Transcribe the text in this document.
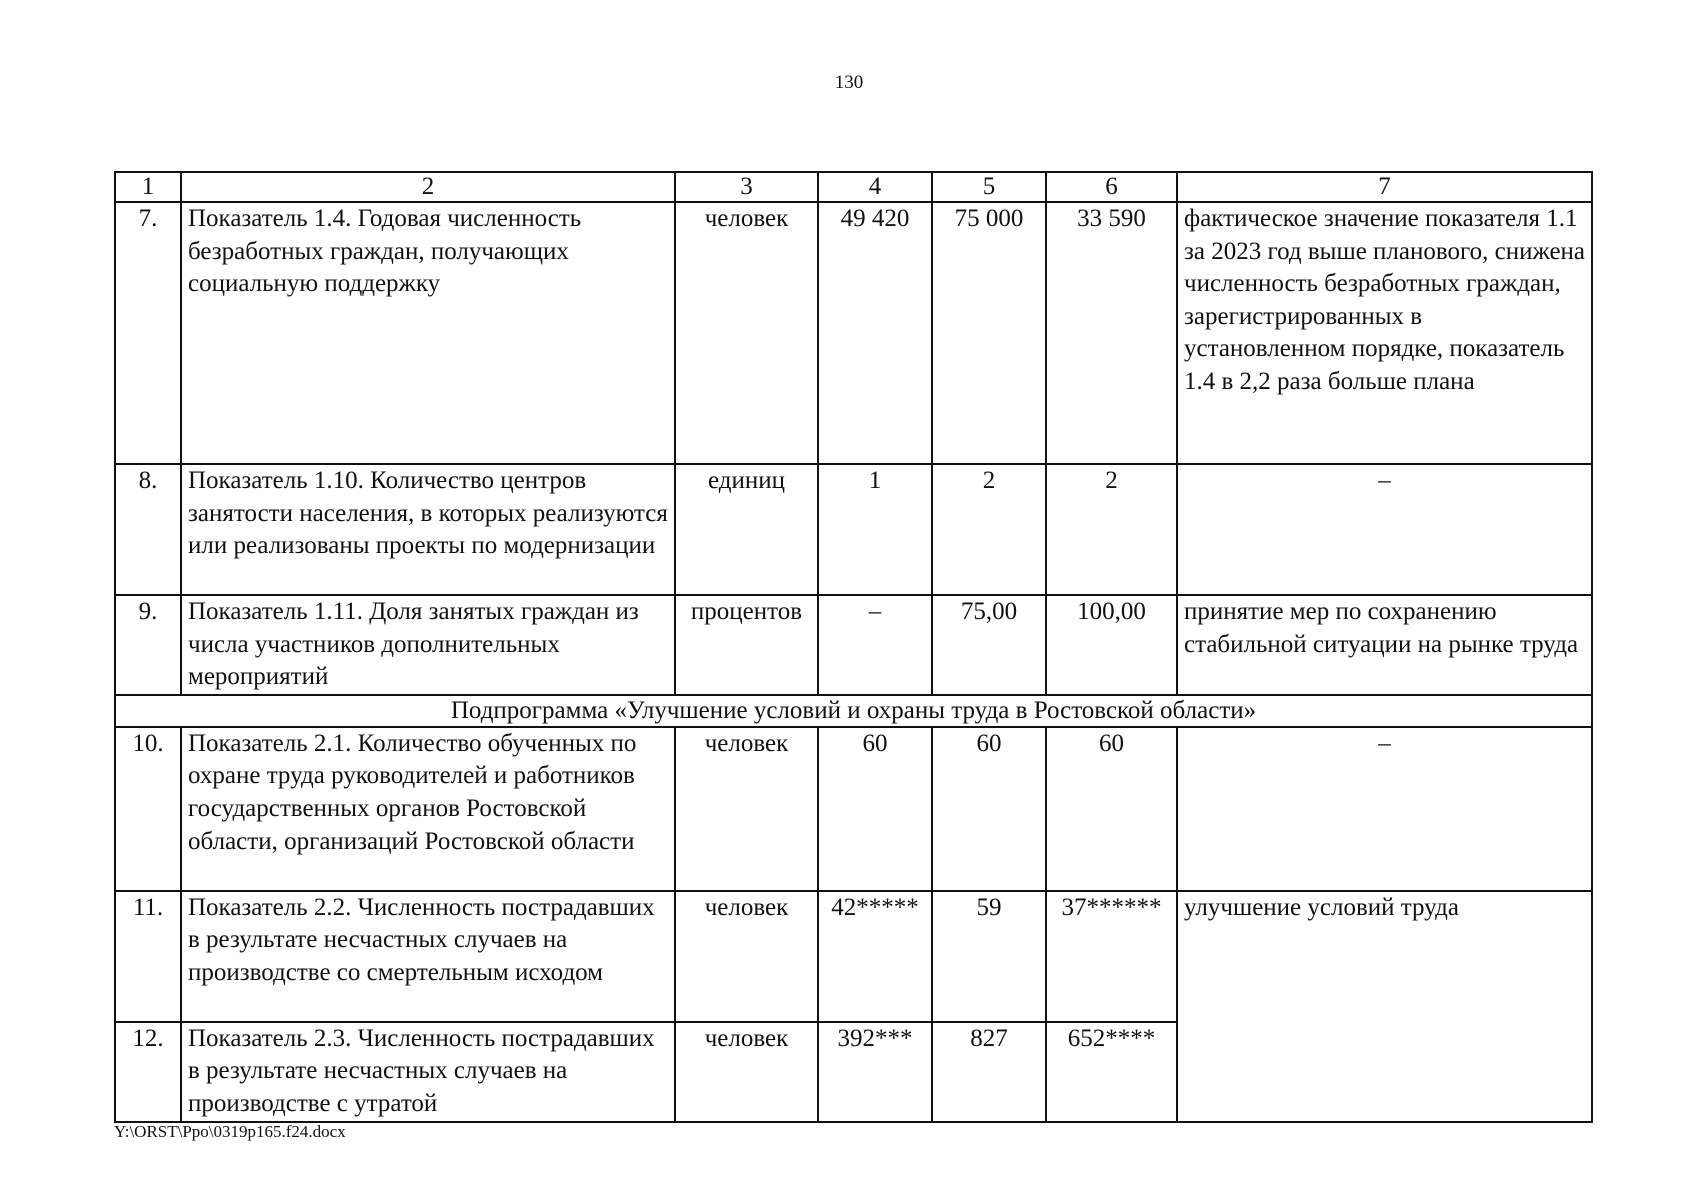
130
1	2	3	4	5	6	7
7.	Показатель 1.4. Годовая численность безработных граждан, получающих социальную поддержку	человек	49 420	75 000	33 590	фактическое значение показателя 1.1 за 2023 год выше планового, снижена численность безработных граждан, зарегистрированных в установленном порядке, показатель 1.4 в 2,2 раза больше плана
8.	Показатель 1.10. Количество центров занятости населения, в которых реализуются или реализованы проекты по модернизации	единиц	1	2	2	–
9.	Показатель 1.11. Доля занятых граждан из числа участников дополнительных мероприятий	процентов	–	75,00	100,00	принятие мер по сохранению стабильной ситуации на рынке труда
Подпрограмма «Улучшение условий и охраны труда в Ростовской области»						
10.	Показатель 2.1. Количество обученных по охране труда руководителей и работников государственных органов Ростовской области, организаций Ростовской области	человек	60	60	60	–
11.	Показатель 2.2. Численность пострадавших в результате несчастных случаев на производстве со смертельным исходом	человек	42*****	59	37******	улучшение условий труда
12.	Показатель 2.3. Численность пострадавших в результате несчастных случаев на производстве с утратой	человек	392***	827	652****	
Y:\ORST\Ppo\0319p165.f24.docx
